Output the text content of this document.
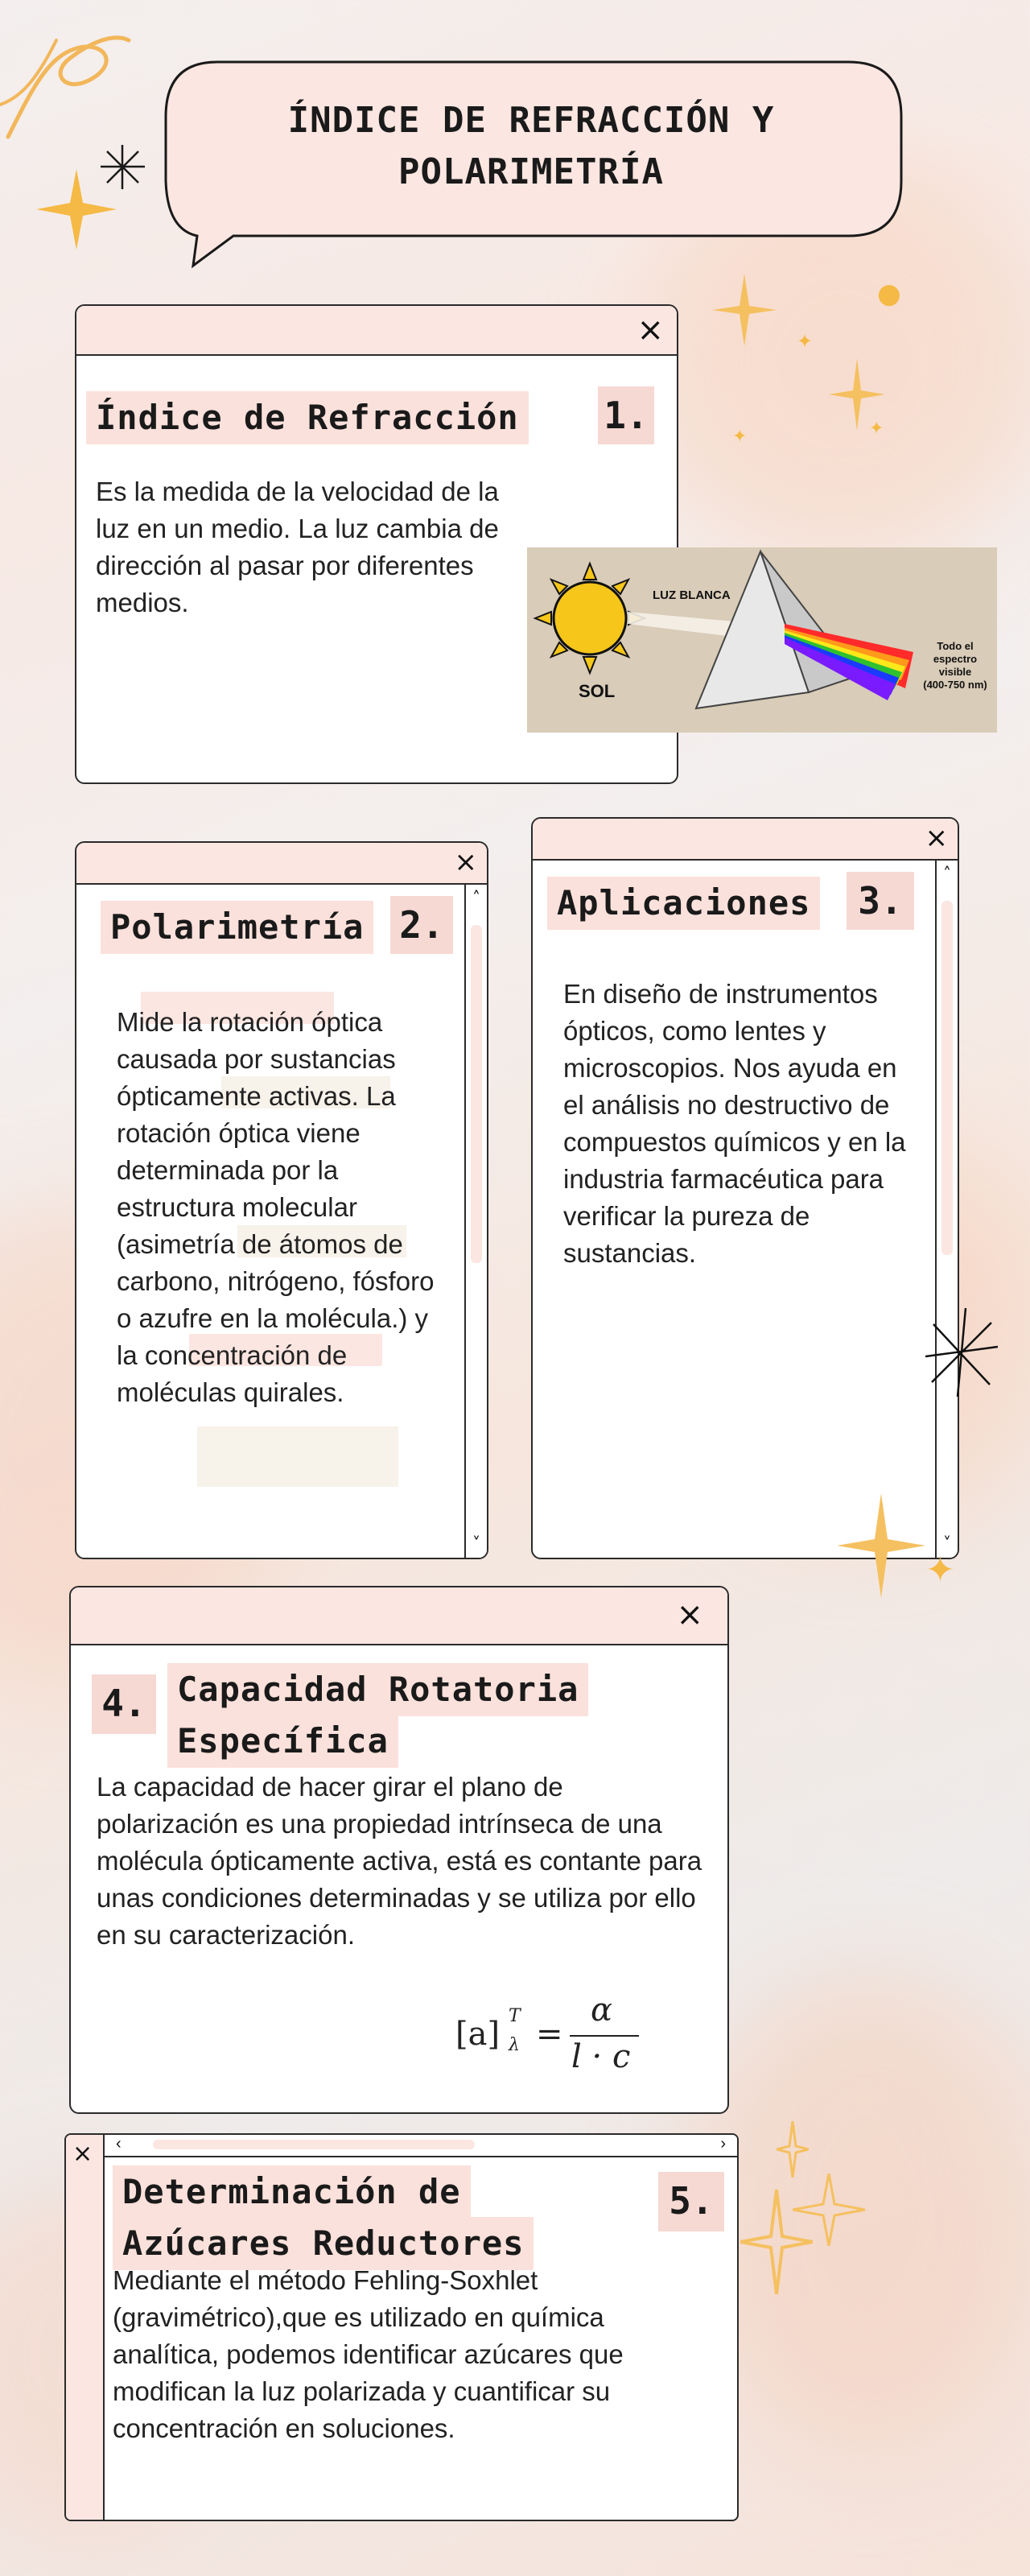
●
✦
✦
✦
ÍNDICE DE REFRACCIÓN Y POLARIMETRÍA
×
Índice de Refracción 1.
Es la medida de la velocidad de la luz en un medio. La luz cambia de dirección al pasar por diferentes medios.	LUZ BLANCA
SOL
Todo el
espectro
visible
(400-750 nm)
×
˄
˅
Polarimetría 2.
Mide la rotación óptica causada por sustancias ópticamente activas. La rotación óptica viene determinada por la estructura molecular (asimetría de átomos de carbono, nitrógeno, fósforo o azufre en la molécula.) y la concentración de moléculas quirales.
×
˄
˅
Aplicaciones	3.
En diseño de instrumentos ópticos, como lentes y microscopios. Nos ayuda en el análisis no destructivo de compuestos químicos y en la industria farmacéutica para verificar la pureza de sustancias.
✦
×
4. Capacidad Rotatoria
Específica
La capacidad de hacer girar el plano de polarización es una propiedad intrínseca de una molécula ópticamente activa, está es contante para unas condiciones determinadas y se utiliza por ello en su caracterización.
[a] T
λ =
α
l · c
× ‹	›
Determinación de
Azúcares Reductores
5.
Mediante el método Fehling-Soxhlet (gravimétrico),que es utilizado en química analítica, podemos identificar azúcares que modifican la luz polarizada y cuantificar su concentración en soluciones.
